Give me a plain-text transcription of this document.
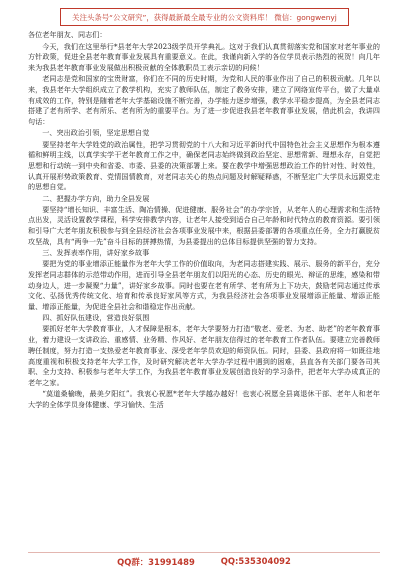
关注头条号“公文研究”，获得最新最全最专业的公文资料库！ 微信：gongwenyj

各位老年朋友、同志们：

今天，我们在这里举行*县老年大学2023级学员开学典礼。这对于我们认真贯彻落实党和国家对老年事业的方针政策，促进全县老年教育事业发展具有重要意义。在此，我谨向新入学的各位学员表示热烈的祝贺！向几年来为我县老年教育事业发展做出积极贡献的全体教职员工表示亲切的问候！

老同志是党和国家的宝贵财富，你们在不同的历史时期，为党和人民的事业作出了自己的积极贡献。几年以来，我县老年大学组织成立了教学机构，充实了教师队伍，制定了教务安排，建立了网络宣传平台，做了大量卓有成效的工作，特别是随着老年大学基础设施不断完善，办学能力逐步增强，教学水平稳步提高，为全县老同志搭建了老有所学、老有所乐、老有所为的重要平台。为了进一步促进我县老年教育事业发展，借此机会，我讲四句话：

一、突出政治引领，坚定思想自觉

要坚持老年大学姓党的政治属性，把学习贯彻党的十八大和习近平新时代中国特色社会主义思想作为根本遵循和鲜明主线，以真学实学干老年教育工作之中，确保老同志始终做到政治坚定、思想常新、理想永存，自觉把思想和行动统一到中央和省委、市委、县委的决策部署上来。要在教学中增强思想政治工作的针对性、时效性，认真开展形势政策教育、党情国情教育，对老同志关心的热点问题及时解疑释惑，不断坚定广大学员永远跟党走的思想自觉。

二、把握办学方向，助力全县发展

要坚持“增长知识、丰富生活、陶冶情操、促进健康、服务社会”的办学宗旨，从老年人的心理需求和生活特点出发，灵活设置教学课程，科学安排教学内容，让老年人接受到适合自己年龄和时代特点的教育资源。要引领和引导广大老年朋友积极参与到全县经济社会各项事业发展中来，根据县委部署的各项重点任务，全力打赢脱贫攻坚战，具有“两争一先”奋斗目标的拼搏热情，为县委提出的总体目标提供坚强的智力支持。

三、发挥表率作用，讲好家乡故事

要把为党的事业增添正能量作为老年大学工作的价值取向，为老同志搭建实践、展示、服务的新平台，充分发挥老同志群体的示范带动作用，进而引导全县老年朋友们以阳光的心态、历史的眼光、辩证的思维，感染和带动身边人，进一步凝聚“力量”，讲好家乡故事。同时也要在老有所学、老有所为上下功夫，鼓励老同志通过传承文化、弘扬优秀传统文化、培育和传承良好家风等方式，为我县经济社会各项事业发展增添正能量、增添正能量、增添正能量，为促进全县社会和谐稳定作出贡献。

四、抓好队伍建设，营造良好氛围

要抓好老年大学教育事业，人才保障是根本，老年大学要努力打造“敬老、爱老、为老、助老”的老年教育事业，着力建设一支讲政治、重感情、业务精、作风好、老年朋友信得过的老年教育工作者队伍。要建立完善教师聘任制度，努力打造一支热爱老年教育事业、深受老年学员欢迎的师资队伍。同时，县委、县政府将一如既往地高度重视和积极支持老年大学工作，及时研究解决老年大学办学过程中遇到的困难，县直各有关部门要各司其职、全力支持、积极参与老年大学工作，为我县老年教育事业发展创造良好的学习条件，把老年大学办成真正的老年之家。

“莫道桑榆晚，最美夕阳红”。我衷心祝愿*老年大学越办越好！也衷心祝愿全县离退休干部、老年人和老年大学的全体学员身体健康、学习愉快、生活

QQ群：31991489	QQ:535304092
